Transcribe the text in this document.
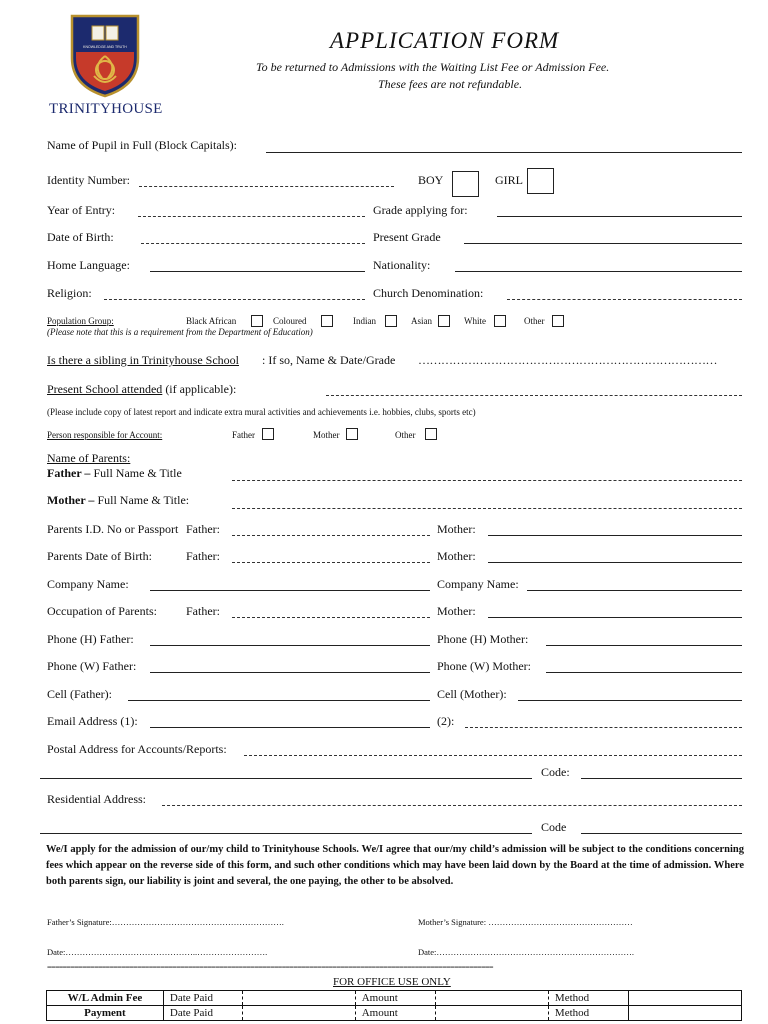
KNOWLEDGE AND TRUTH
TRINITYHOUSE
APPLICATION FORM
To be returned to Admissions with the Waiting List Fee or Admission Fee.
These fees are not refundable.
Name of Pupil in Full (Block Capitals):
Identity Number:	BOY	GIRL
Year of Entry:	Grade applying for:
Date of Birth:	Present Grade
Home Language:	Nationality:
Religion:	Church Denomination:
Population Group:
(Please note that this is a requirement from the Department of Education)
Black African	Coloured	Indian	Asian	White	Other
Is there a sibling in Trinityhouse School : If so, Name & Date/Grade ……………………………………………………………………
Present School attended (if applicable):
(Please include copy of latest report and indicate extra mural activities and achievements i.e. hobbies, clubs, sports etc)
Person responsible for Account:	Father	Mother	Other
Name of Parents:
Father – Full Name & Title
Mother – Full Name & Title:
Parents I.D. No or Passport Father:	Mother:
Parents Date of Birth:	Father:	Mother:
Company Name:	Company Name:
Occupation of Parents: Father:	Mother:
Phone (H) Father:	Phone (H) Mother:
Phone (W) Father:	Phone (W) Mother:
Cell (Father):	Cell (Mother):
Email Address (1):	(2):
Postal Address for Accounts/Reports:
Code:
Residential Address:
Code
We/I apply for the admission of our/my child to Trinityhouse Schools. We/I agree that our/my child’s admission will be subject to the conditions concerning fees which appear on the reverse side of this form, and such other conditions which may have been laid down by the Board at the time of admission. Where both parents sign, our liability is joint and several, the one paying, the other to be absolved.
Father’s Signature:…………………………………………………….	Mother’s Signature: ……………………………………………
Date:………………………………………..…………………….	Date:…………………………………………………………….
==================================================================================================================
FOR OFFICE USE ONLY
W/L Admin Fee	Date Paid		Amount		Method	
Payment	Date Paid		Amount		Method	
